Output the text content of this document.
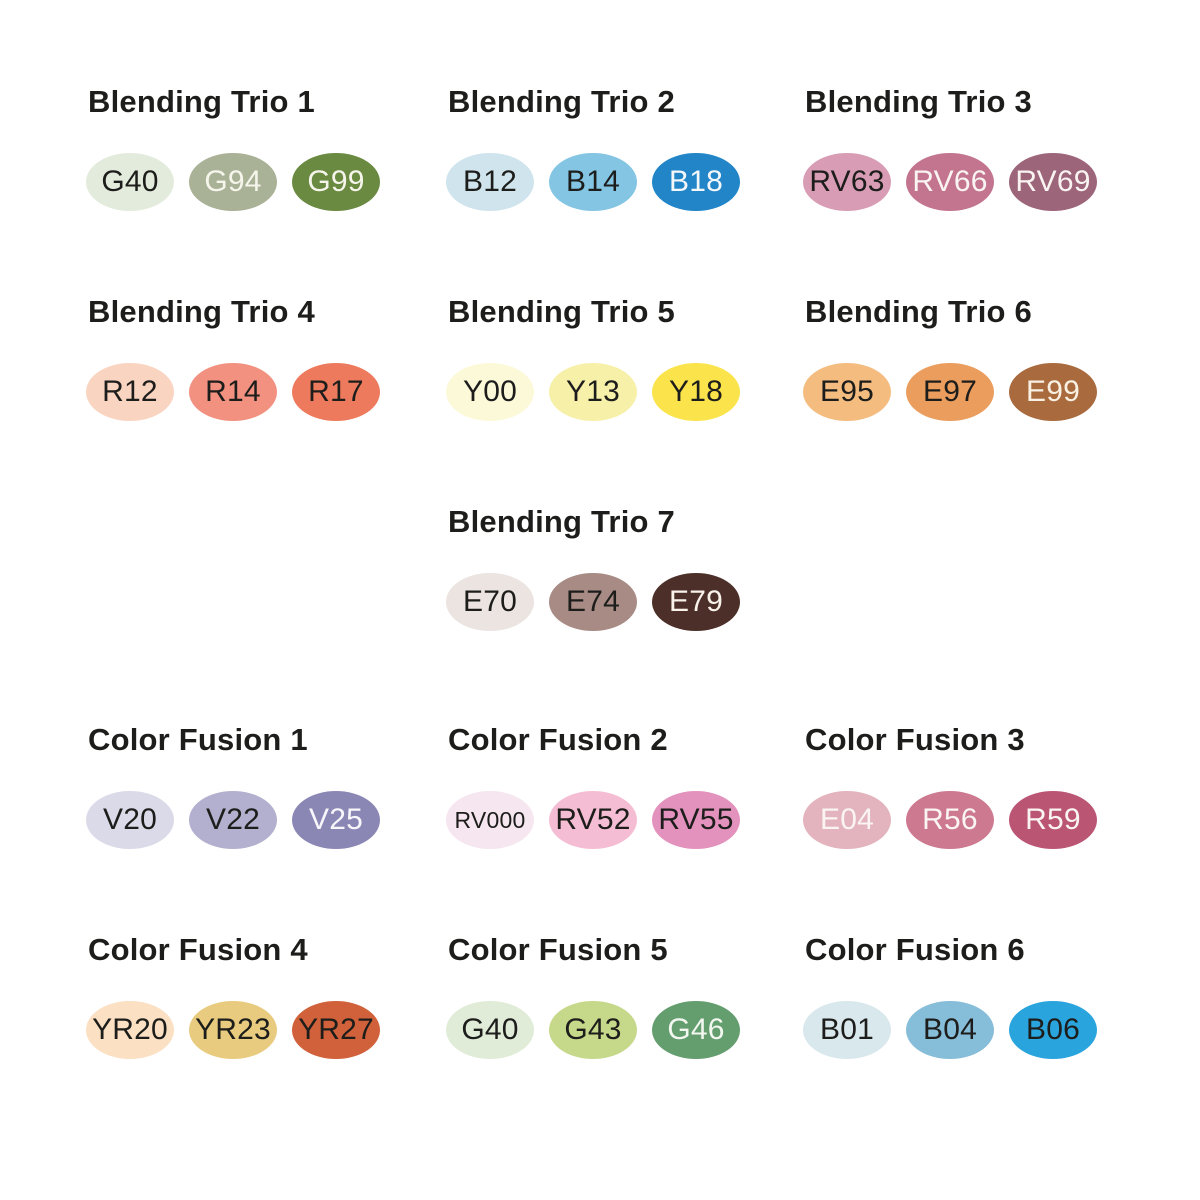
Blending Trio 1
G40 G94 G99
Blending Trio 2
B12 B14 B18
Blending Trio 3
RV63 RV66 RV69
Blending Trio 4
R12 R14 R17
Blending Trio 5
Y00 Y13 Y18
Blending Trio 6
E95 E97 E99
Blending Trio 7
E70 E74 E79
Color Fusion 1
V20 V22 V25
Color Fusion 2
RV000 RV52 RV55
Color Fusion 3
E04 R56 R59
Color Fusion 4
YR20 YR23 YR27
Color Fusion 5
G40 G43 G46
Color Fusion 6
B01 B04 B06
